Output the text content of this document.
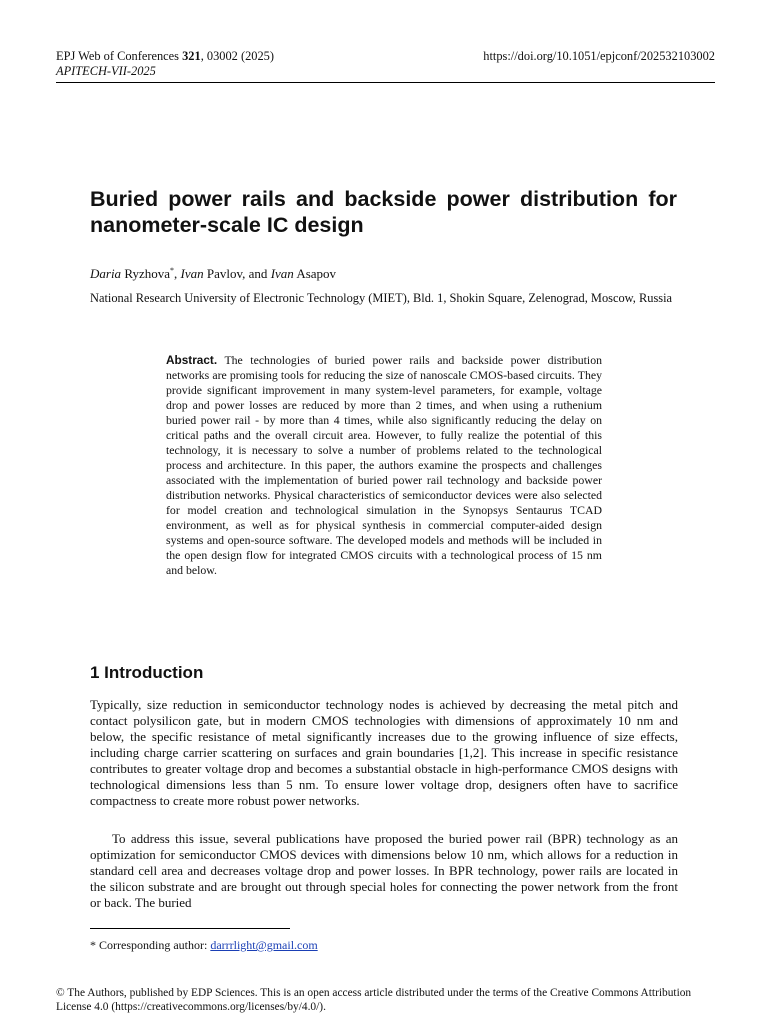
EPJ Web of Conferences 321, 03002 (2025)
APITECH-VII-2025
https://doi.org/10.1051/epjconf/202532103002
Buried power rails and backside power distribution for nanometer-scale IC design
Daria Ryzhova*, Ivan Pavlov, and Ivan Asapov
National Research University of Electronic Technology (MIET), Bld. 1, Shokin Square, Zelenograd, Moscow, Russia
Abstract. The technologies of buried power rails and backside power distribution networks are promising tools for reducing the size of nanoscale CMOS-based circuits. They provide significant improvement in many system-level parameters, for example, voltage drop and power losses are reduced by more than 2 times, and when using a ruthenium buried power rail - by more than 4 times, while also significantly reducing the delay on critical paths and the overall circuit area. However, to fully realize the potential of this technology, it is necessary to solve a number of problems related to the technological process and architecture. In this paper, the authors examine the prospects and challenges associated with the implementation of buried power rail technology and backside power distribution networks. Physical characteristics of semiconductor devices were also selected for model creation and technological simulation in the Synopsys Sentaurus TCAD environment, as well as for physical synthesis in commercial computer-aided design systems and open-source software. The developed models and methods will be included in the open design flow for integrated CMOS circuits with a technological process of 15 nm and below.
1 Introduction

Typically, size reduction in semiconductor technology nodes is achieved by decreasing the metal pitch and contact polysilicon gate, but in modern CMOS technologies with dimensions of approximately 10 nm and below, the specific resistance of metal significantly increases due to the growing influence of size effects, including charge carrier scattering on surfaces and grain boundaries [1,2]. This increase in specific resistance contributes to greater voltage drop and becomes a substantial obstacle in high-performance CMOS designs with technological dimensions less than 5 nm. To ensure lower voltage drop, designers often have to sacrifice compactness to create more robust power networks.

To address this issue, several publications have proposed the buried power rail (BPR) technology as an optimization for semiconductor CMOS devices with dimensions below 10 nm, which allows for a reduction in standard cell area and decreases voltage drop and power losses. In BPR technology, power rails are located in the silicon substrate and are brought out through special holes for connecting the power network from the front or back. The buried

* Corresponding author: darrrlight@gmail.com
© The Authors, published by EDP Sciences. This is an open access article distributed under the terms of the Creative Commons Attribution License 4.0 (https://creativecommons.org/licenses/by/4.0/).
